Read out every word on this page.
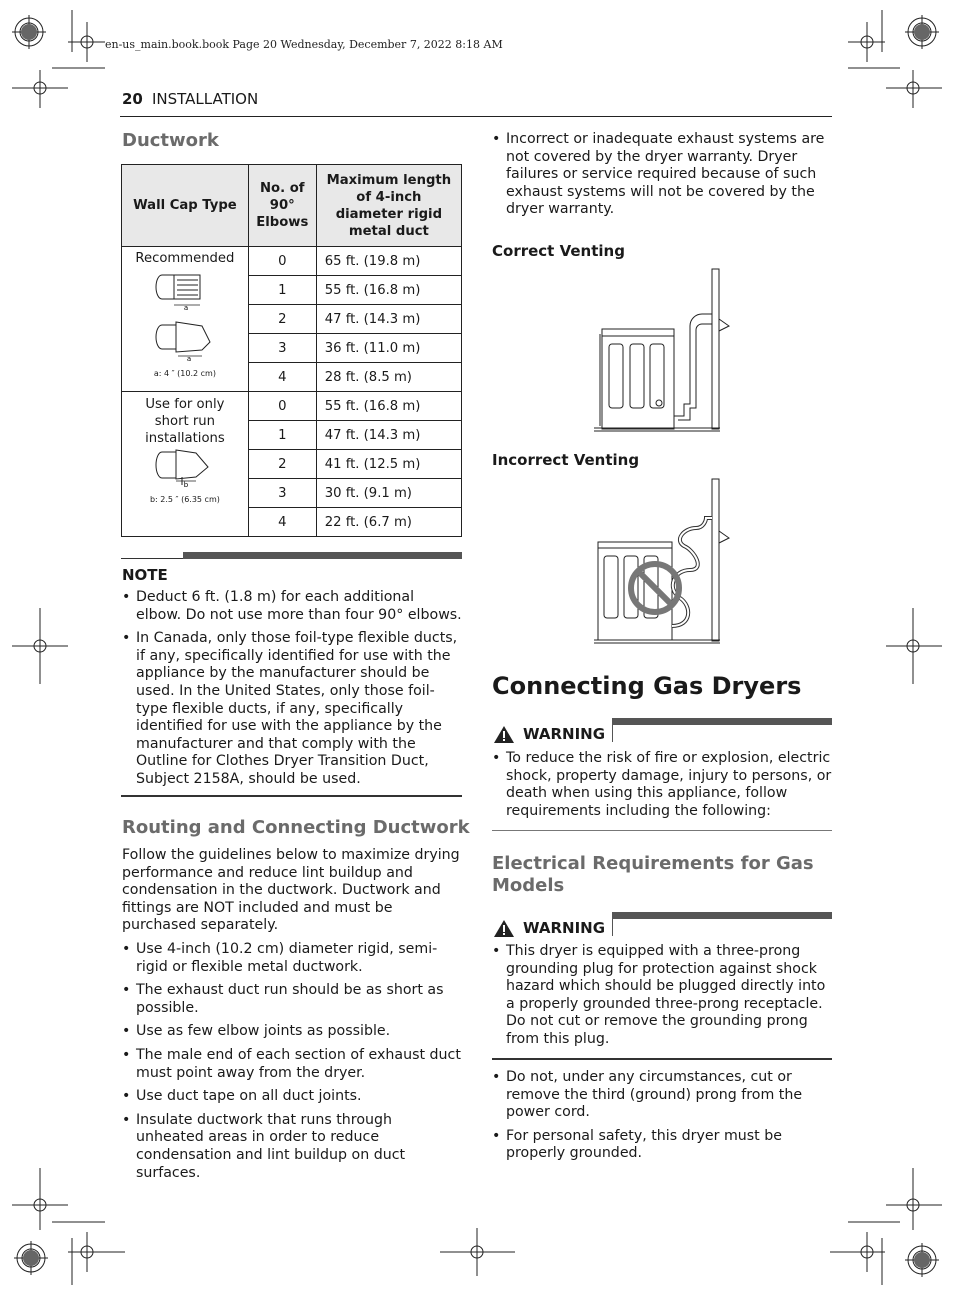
en-us_main.book.book Page 20 Wednesday, December 7, 2022 8:18 AM
20 INSTALLATION
Ductwork
Wall Cap Type	No. of 90° Elbows	Maximum length of 4-inch diameter rigid metal duct

Recommended
a
a
a: 4 ″ (10.2 cm)	0	65 ft. (19.8 m)
	1	55 ft. (16.8 m)
	2	47 ft. (14.3 m)
	3	36 ft. (11.0 m)
	4	28 ft. (8.5 m)

Use for only short run installations
b
b: 2.5 ″ (6.35 cm)	0	55 ft. (16.8 m)
	1	47 ft. (14.3 m)
	2	41 ft. (12.5 m)
	3	30 ft. (9.1 m)
	4	22 ft. (6.7 m)
NOTE
• Deduct 6 ft. (1.8 m) for each additional elbow. Do not use more than four 90° elbows.
• In Canada, only those foil-type flexible ducts, if any, specifically identified for use with the appliance by the manufacturer should be used. In the United States, only those foil-type flexible ducts, if any, specifically identified for use with the appliance by the manufacturer and that comply with the Outline for Clothes Dryer Transition Duct, Subject 2158A, should be used.
Routing and Connecting Ductwork
Follow the guidelines below to maximize drying performance and reduce lint buildup and condensation in the ductwork. Ductwork and fittings are NOT included and must be purchased separately.
• Use 4-inch (10.2 cm) diameter rigid, semi-rigid or flexible metal ductwork.
• The exhaust duct run should be as short as possible.
• Use as few elbow joints as possible.
• The male end of each section of exhaust duct must point away from the dryer.
• Use duct tape on all duct joints.
• Insulate ductwork that runs through unheated areas in order to reduce condensation and lint buildup on duct surfaces.
• Incorrect or inadequate exhaust systems are not covered by the dryer warranty. Dryer failures or service required because of such exhaust systems will not be covered by the dryer warranty.
Correct Venting
Incorrect Venting
Connecting Gas Dryers
WARNING
• To reduce the risk of fire or explosion, electric shock, property damage, injury to persons, or death when using this appliance, follow requirements including the following:
Electrical Requirements for Gas Models
WARNING
• This dryer is equipped with a three-prong grounding plug for protection against shock hazard which should be plugged directly into a properly grounded three-prong receptacle. Do not cut or remove the grounding prong from this plug.
• Do not, under any circumstances, cut or remove the third (ground) prong from the power cord.
• For personal safety, this dryer must be properly grounded.
